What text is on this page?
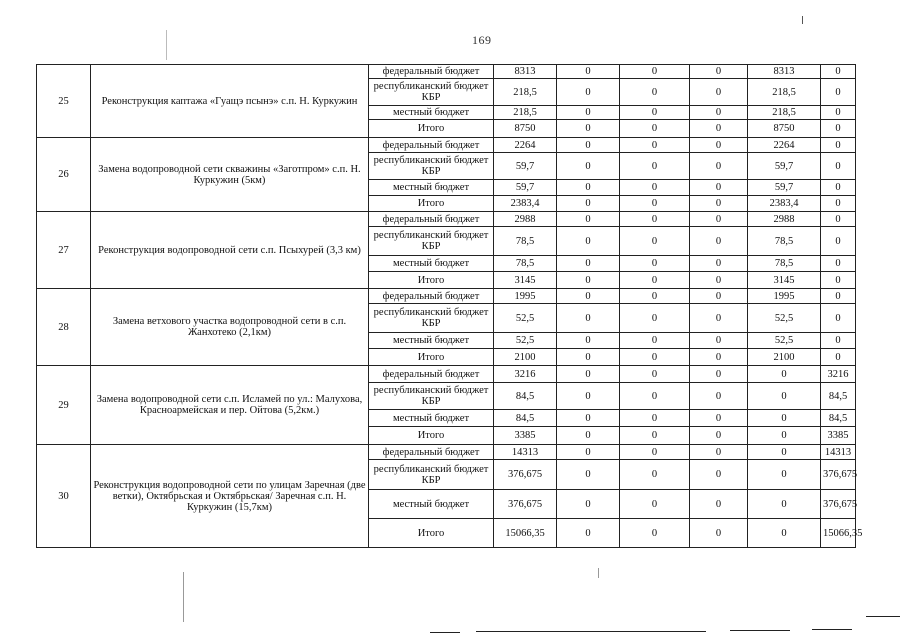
169
25	Реконструкция каптажа «Гуащэ псынэ» с.п. Н. Куркужин	федеральный бюджет	8313	0	0	0	8313	0
		республиканский бюджет КБР	218,5	0	0	0	218,5	0
		местный бюджет	218,5	0	0	0	218,5	0
		Итого	8750	0	0	0	8750	0
26	Замена водопроводной сети скважины «Заготпром» с.п. Н. Куркужин (5км)	федеральный бюджет	2264	0	0	0	2264	0
		республиканский бюджет КБР	59,7	0	0	0	59,7	0
		местный бюджет	59,7	0	0	0	59,7	0
		Итого	2383,4	0	0	0	2383,4	0
27	Реконструкция водопроводной сети с.п. Псыхурей (3,3 км)	федеральный бюджет	2988	0	0	0	2988	0
		республиканский бюджет КБР	78,5	0	0	0	78,5	0
		местный бюджет	78,5	0	0	0	78,5	0
		Итого	3145	0	0	0	3145	0
28	Замена ветхового участка водопроводной сети в с.п. Жанхотеко (2,1км)	федеральный бюджет	1995	0	0	0	1995	0
		республиканский бюджет КБР	52,5	0	0	0	52,5	0
		местный бюджет	52,5	0	0	0	52,5	0
		Итого	2100	0	0	0	2100	0
29	Замена водопроводной сети с.п. Исламей по ул.: Малухова, Красноармейская и пер. Ойтова (5,2км.)	федеральный бюджет	3216	0	0	0	0	3216
		республиканский бюджет КБР	84,5	0	0	0	0	84,5
		местный бюджет	84,5	0	0	0	0	84,5
		Итого	3385	0	0	0	0	3385
30	Реконструкция водопроводной сети по улицам Заречная (две ветки), Октябрьская и Октябрьская/ Заречная с.п. Н. Куркужин (15,7км)	федеральный бюджет	14313	0	0	0	0	14313
		республиканский бюджет КБР	376,675	0	0	0	0	376,675
		местный бюджет	376,675	0	0	0	0	376,675
		Итого	15066,35	0	0	0	0	15066,35
